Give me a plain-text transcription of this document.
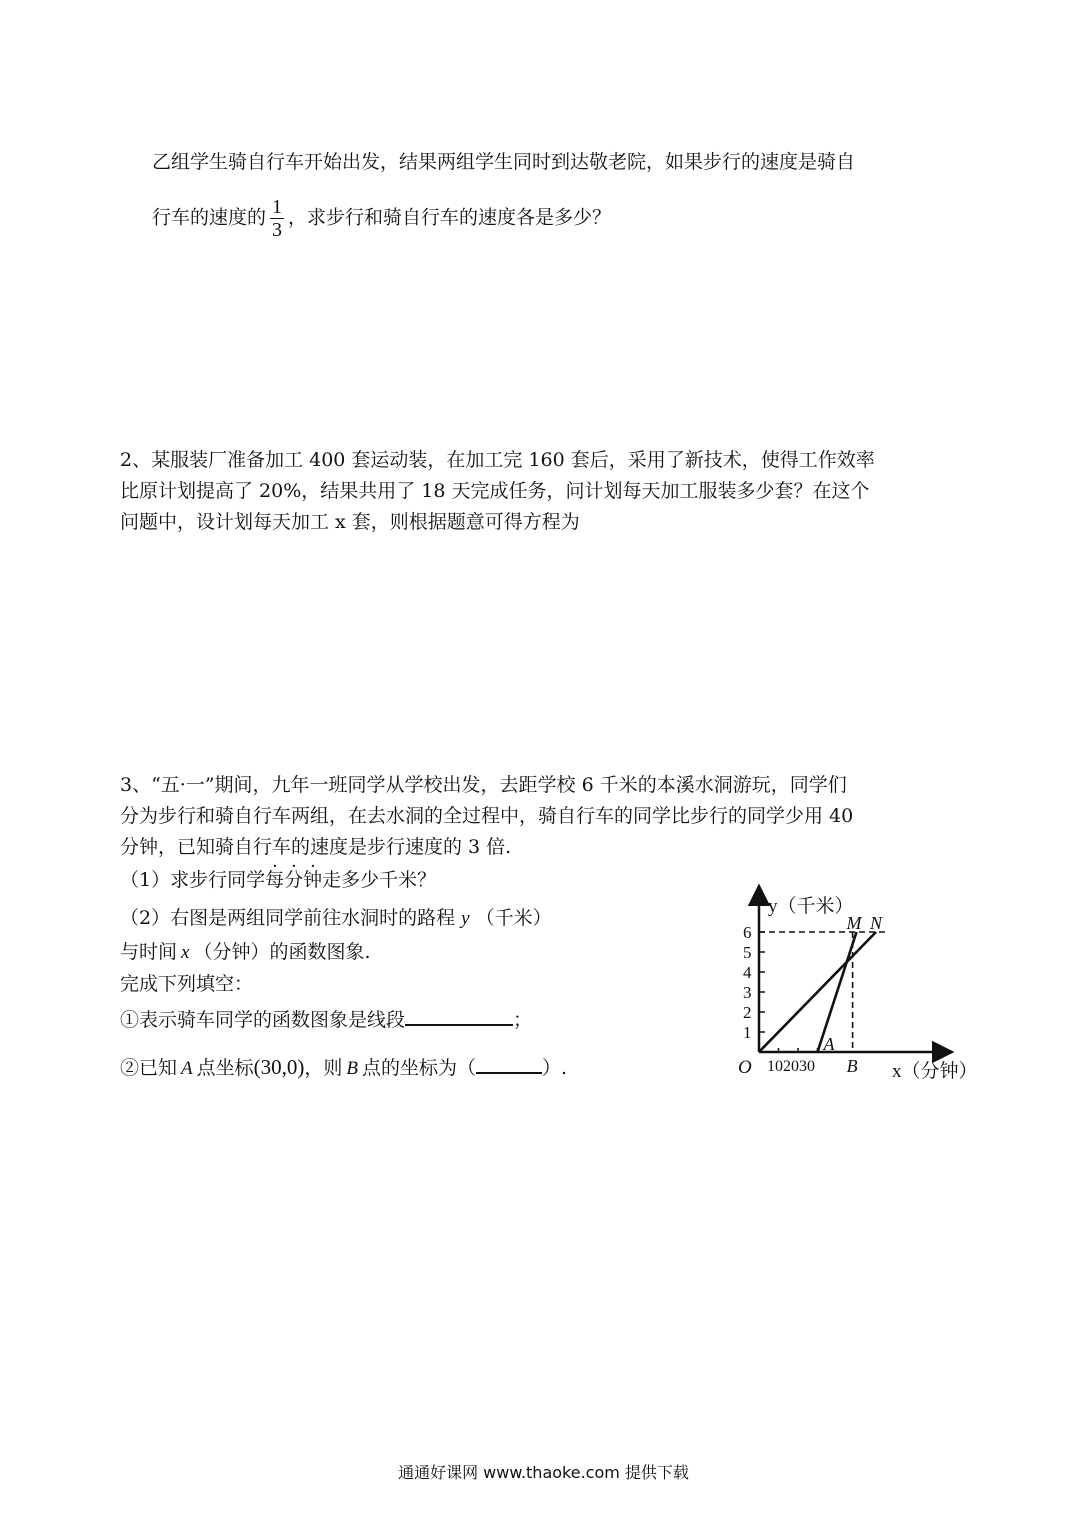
乙组学生骑自行车开始出发，结果两组学生同时到达敬老院，如果步行的速度是骑自
行车的速度的 $\frac{1}{3}$ ，求步行和骑自行车的速度各是多少？
2、某服装厂准备加工 400 套运动装，在加工完 160 套后，采用了新技术，使得工作效率
比原计划提高了 20%，结果共用了 18 天完成任务，问计划每天加工服装多少套？在这个
问题中，设计划每天加工 x 套，则根据题意可得方程为
3、“五·一”期间，九年一班同学从学校出发，去距学校 6 千米的本溪水洞游玩，同学们
分为步行和骑自行车两组，在去水洞的全过程中，骑自行车的同学比步行的同学少用 40
分钟，已知骑自行车的速度是步行速度的 3 倍.
（1）求步行同学每分钟走多少千米？
（2）右图是两组同学前往水洞时的路程 y （千米）
与时间 x （分钟）的函数图象.
完成下列填空：
①表示骑车同学的函数图象是线段	；
②已知 A 点坐标(30,0)，则 B 点的坐标为（	）.
1
2
3
4
5
6
y（千米）
x（分钟）
O 102030
A
B
M N
通通好课网 www.thaoke.com 提供下载
